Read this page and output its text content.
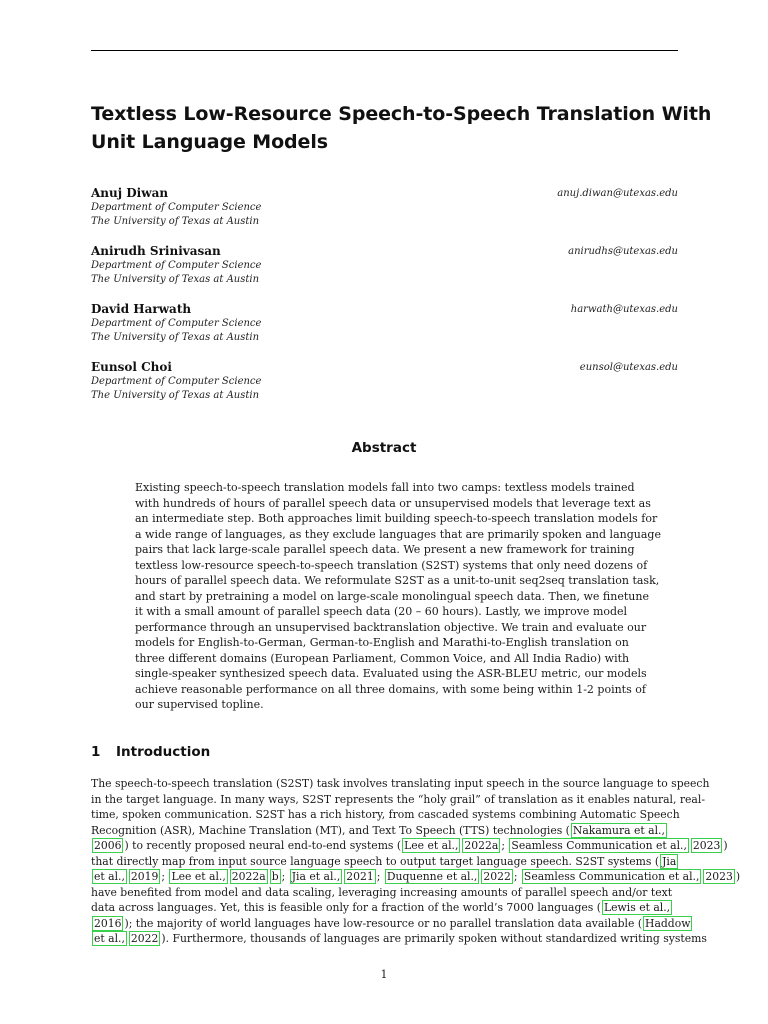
Textless Low-Resource Speech-to-Speech Translation With
Unit Language Models
Anuj Diwan	anuj.diwan@utexas.edu
Department of Computer Science
The University of Texas at Austin
Anirudh Srinivasan	anirudhs@utexas.edu
Department of Computer Science
The University of Texas at Austin
David Harwath	harwath@utexas.edu
Department of Computer Science
The University of Texas at Austin
Eunsol Choi	eunsol@utexas.edu
Department of Computer Science
The University of Texas at Austin
Abstract
Existing speech-to-speech translation models fall into two camps: textless models trained
with hundreds of hours of parallel speech data or unsupervised models that leverage text as
an intermediate step. Both approaches limit building speech-to-speech translation models for
a wide range of languages, as they exclude languages that are primarily spoken and language
pairs that lack large-scale parallel speech data. We present a new framework for training
textless low-resource speech-to-speech translation (S2ST) systems that only need dozens of
hours of parallel speech data. We reformulate S2ST as a unit-to-unit seq2seq translation task,
and start by pretraining a model on large-scale monolingual speech data. Then, we finetune
it with a small amount of parallel speech data (20 – 60 hours). Lastly, we improve model
performance through an unsupervised backtranslation objective. We train and evaluate our
models for English-to-German, German-to-English and Marathi-to-English translation on
three different domains (European Parliament, Common Voice, and All India Radio) with
single-speaker synthesized speech data. Evaluated using the ASR-BLEU metric, our models
achieve reasonable performance on all three domains, with some being within 1-2 points of
our supervised topline.
1 Introduction
The speech-to-speech translation (S2ST) task involves translating input speech in the source language to speech
in the target language. In many ways, S2ST represents the “holy grail” of translation as it enables natural, real-
time, spoken communication. S2ST has a rich history, from cascaded systems combining Automatic Speech
Recognition (ASR), Machine Translation (MT), and Text To Speech (TTS) technologies ( Nakamura et al.,
2006 ) to recently proposed neural end-to-end systems ( Lee et al., 2022a ; Seamless Communication et al., 2023 )
that directly map from input source language speech to output target language speech. S2ST systems ( Jia
et al., 2019 ; Lee et al., 2022a b ; Jia et al., 2021 ; Duquenne et al., 2022 ; Seamless Communication et al., 2023 )
have benefited from model and data scaling, leveraging increasing amounts of parallel speech and/or text
data across languages. Yet, this is feasible only for a fraction of the world’s 7000 languages ( Lewis et al.,
2016 ); the majority of world languages have low-resource or no parallel translation data available ( Haddow
et al., 2022 ). Furthermore, thousands of languages are primarily spoken without standardized writing systems
1
